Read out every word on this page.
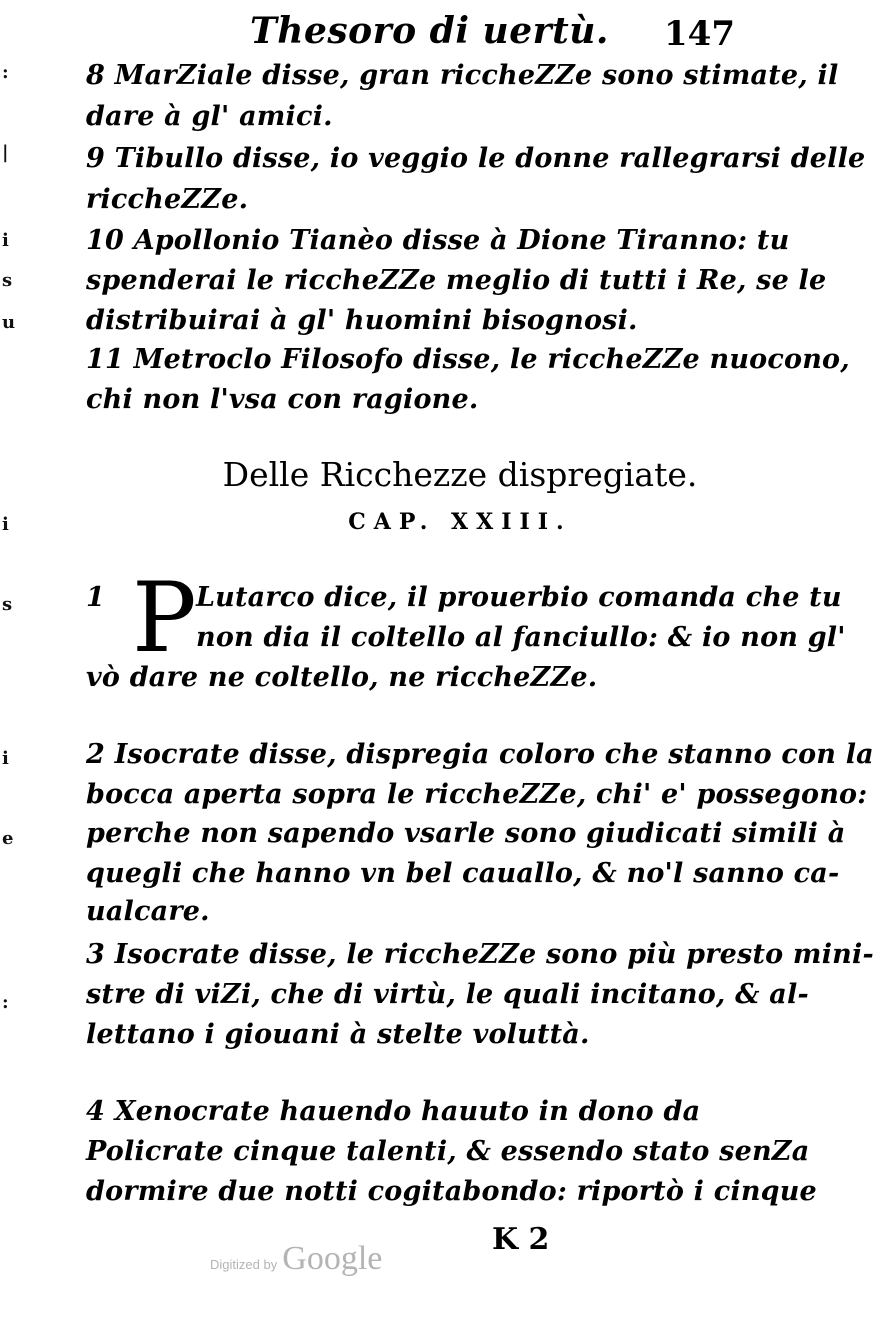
Thesoro di uertù. 147
:
|
i
s
u
i
s
i
e
:
8 MarZiale disse, gran riccheZZe sono stimate, il
dare à gl' amici.
9 Tibullo disse, io veggio le donne rallegrarsi delle
riccheZZe.
10 Apollonio Tianèo disse à Dione Tiranno: tu
spenderai le riccheZZe meglio di tutti i Re, se le
distribuirai à gl' huomini bisognosi.
11 Metroclo Filosofo disse, le riccheZZe nuocono,
chi non l'vsa con ragione.
Delle Ricchezze dispregiate.
CAP. XXIII.
1 P Lutarco dice, il prouerbio comanda che tu
non dia il coltello al fanciullo: & io non gl'
vò dare ne coltello, ne riccheZZe.
2 Isocrate disse, dispregia coloro che stanno con la
bocca aperta sopra le riccheZZe, chi' e' possegono:
perche non sapendo vsarle sono giudicati simili à
quegli che hanno vn bel cauallo, & no'l sanno ca-
ualcare.
3 Isocrate disse, le riccheZZe sono più presto mini-
stre di viZi, che di virtù, le quali incitano, & al-
lettano i giouani à stelte voluttà.
4 Xenocrate hauendo hauuto in dono da
Policrate cinque talenti, & essendo stato senZa
dormire due notti cogitabondo: riportò i cinque
K 2
Digitized by Google
